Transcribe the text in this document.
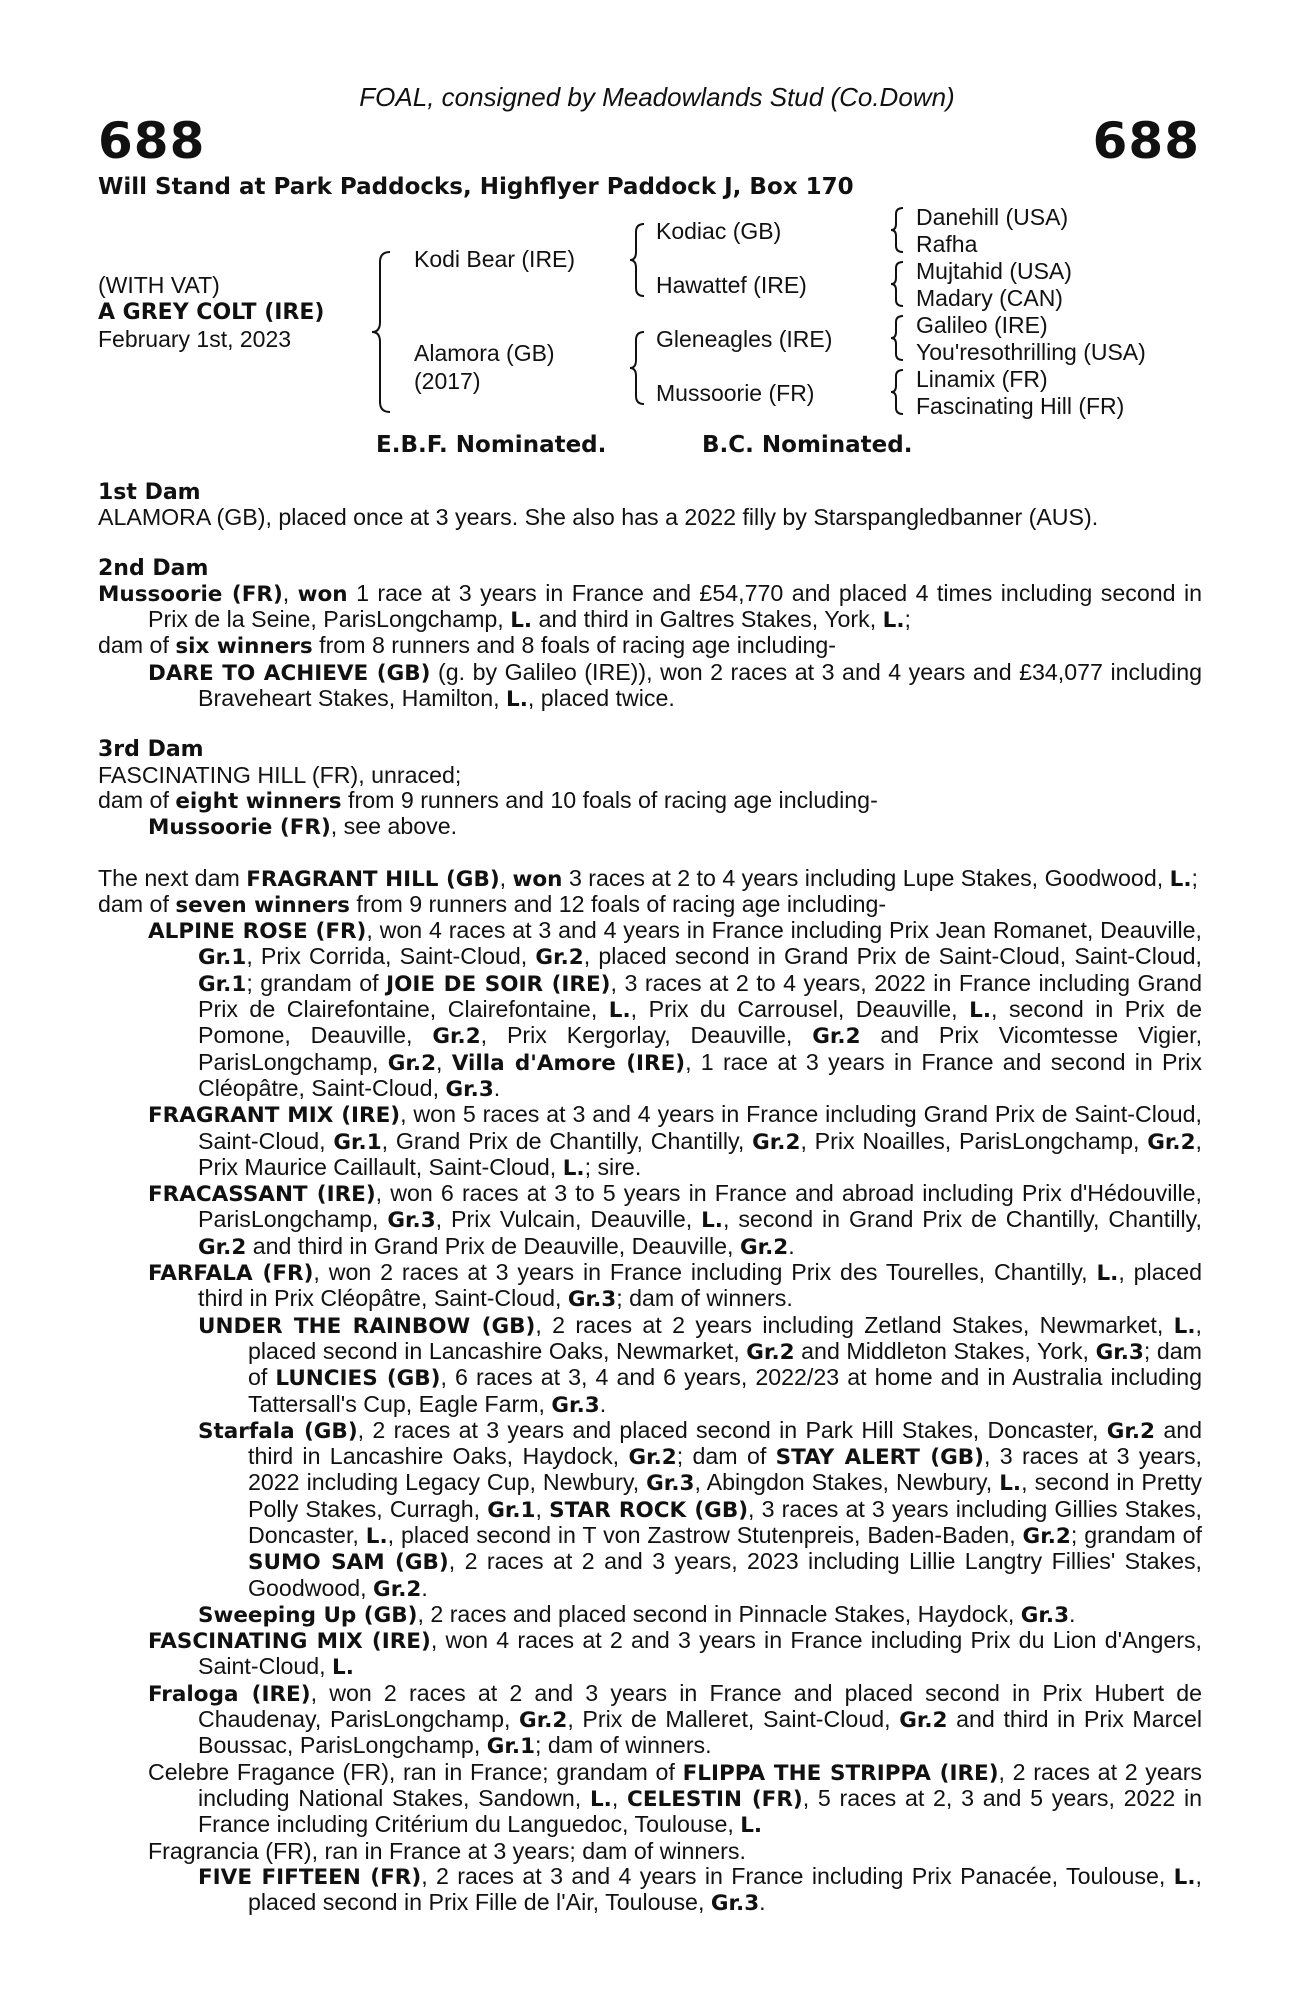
FOAL, consigned by Meadowlands Stud (Co.Down)
688	688
Will Stand at Park Paddocks, Highflyer Paddock J, Box 170
(WITH VAT)
A GREY COLT (IRE)
February 1st, 2023
Kodi Bear (IRE)
Alamora (GB)
(2017)
Kodiac (GB)
Hawattef (IRE)
Gleneagles (IRE)
Mussoorie (FR)
Danehill (USA)
Rafha
Mujtahid (USA)
Madary (CAN)
Galileo (IRE)
You'resothrilling (USA)
Linamix (FR)
Fascinating Hill (FR)
E.B.F. Nominated.	B.C. Nominated.

1st Dam

ALAMORA (GB), placed once at 3 years. She also has a 2022 filly by Starspangledbanner (AUS).

2nd Dam

Mussoorie (FR), won 1 race at 3 years in France and £54,770 and placed 4 times including second in Prix de la Seine, ParisLongchamp, L. and third in Galtres Stakes, York, L.;

dam of six winners from 8 runners and 8 foals of racing age including-

DARE TO ACHIEVE (GB) (g. by Galileo (IRE)), won 2 races at 3 and 4 years and £34,077 including Braveheart Stakes, Hamilton, L., placed twice.

3rd Dam

FASCINATING HILL (FR), unraced;

dam of eight winners from 9 runners and 10 foals of racing age including-

Mussoorie (FR), see above.

The next dam FRAGRANT HILL (GB), won 3 races at 2 to 4 years including Lupe Stakes, Goodwood, L.;

dam of seven winners from 9 runners and 12 foals of racing age including-

ALPINE ROSE (FR), won 4 races at 3 and 4 years in France including Prix Jean Romanet, Deauville, Gr.1, Prix Corrida, Saint-Cloud, Gr.2, placed second in Grand Prix de Saint-Cloud, Saint-Cloud, Gr.1; grandam of JOIE DE SOIR (IRE), 3 races at 2 to 4 years, 2022 in France including Grand Prix de Clairefontaine, Clairefontaine, L., Prix du Carrousel, Deauville, L., second in Prix de Pomone, Deauville, Gr.2, Prix Kergorlay, Deauville, Gr.2 and Prix Vicomtesse Vigier, ParisLongchamp, Gr.2, Villa d'Amore (IRE), 1 race at 3 years in France and second in Prix Cléopâtre, Saint-Cloud, Gr.3.

FRAGRANT MIX (IRE), won 5 races at 3 and 4 years in France including Grand Prix de Saint-Cloud, Saint-Cloud, Gr.1, Grand Prix de Chantilly, Chantilly, Gr.2, Prix Noailles, ParisLongchamp, Gr.2, Prix Maurice Caillault, Saint-Cloud, L.; sire.

FRACASSANT (IRE), won 6 races at 3 to 5 years in France and abroad including Prix d'Hédouville, ParisLongchamp, Gr.3, Prix Vulcain, Deauville, L., second in Grand Prix de Chantilly, Chantilly, Gr.2 and third in Grand Prix de Deauville, Deauville, Gr.2.

FARFALA (FR), won 2 races at 3 years in France including Prix des Tourelles, Chantilly, L., placed third in Prix Cléopâtre, Saint-Cloud, Gr.3; dam of winners.

UNDER THE RAINBOW (GB), 2 races at 2 years including Zetland Stakes, Newmarket, L., placed second in Lancashire Oaks, Newmarket, Gr.2 and Middleton Stakes, York, Gr.3; dam of LUNCIES (GB), 6 races at 3, 4 and 6 years, 2022/23 at home and in Australia including Tattersall's Cup, Eagle Farm, Gr.3.

Starfala (GB), 2 races at 3 years and placed second in Park Hill Stakes, Doncaster, Gr.2 and third in Lancashire Oaks, Haydock, Gr.2; dam of STAY ALERT (GB), 3 races at 3 years, 2022 including Legacy Cup, Newbury, Gr.3, Abingdon Stakes, Newbury, L., second in Pretty Polly Stakes, Curragh, Gr.1, STAR ROCK (GB), 3 races at 3 years including Gillies Stakes, Doncaster, L., placed second in T von Zastrow Stutenpreis, Baden-Baden, Gr.2; grandam of SUMO SAM (GB), 2 races at 2 and 3 years, 2023 including Lillie Langtry Fillies' Stakes, Goodwood, Gr.2.

Sweeping Up (GB), 2 races and placed second in Pinnacle Stakes, Haydock, Gr.3.

FASCINATING MIX (IRE), won 4 races at 2 and 3 years in France including Prix du Lion d'Angers, Saint-Cloud, L.

Fraloga (IRE), won 2 races at 2 and 3 years in France and placed second in Prix Hubert de Chaudenay, ParisLongchamp, Gr.2, Prix de Malleret, Saint-Cloud, Gr.2 and third in Prix Marcel Boussac, ParisLongchamp, Gr.1; dam of winners.

Celebre Fragance (FR), ran in France; grandam of FLIPPA THE STRIPPA (IRE), 2 races at 2 years including National Stakes, Sandown, L., CELESTIN (FR), 5 races at 2, 3 and 5 years, 2022 in France including Critérium du Languedoc, Toulouse, L.

Fragrancia (FR), ran in France at 3 years; dam of winners.

FIVE FIFTEEN (FR), 2 races at 3 and 4 years in France including Prix Panacée, Toulouse, L., placed second in Prix Fille de l'Air, Toulouse, Gr.3.
